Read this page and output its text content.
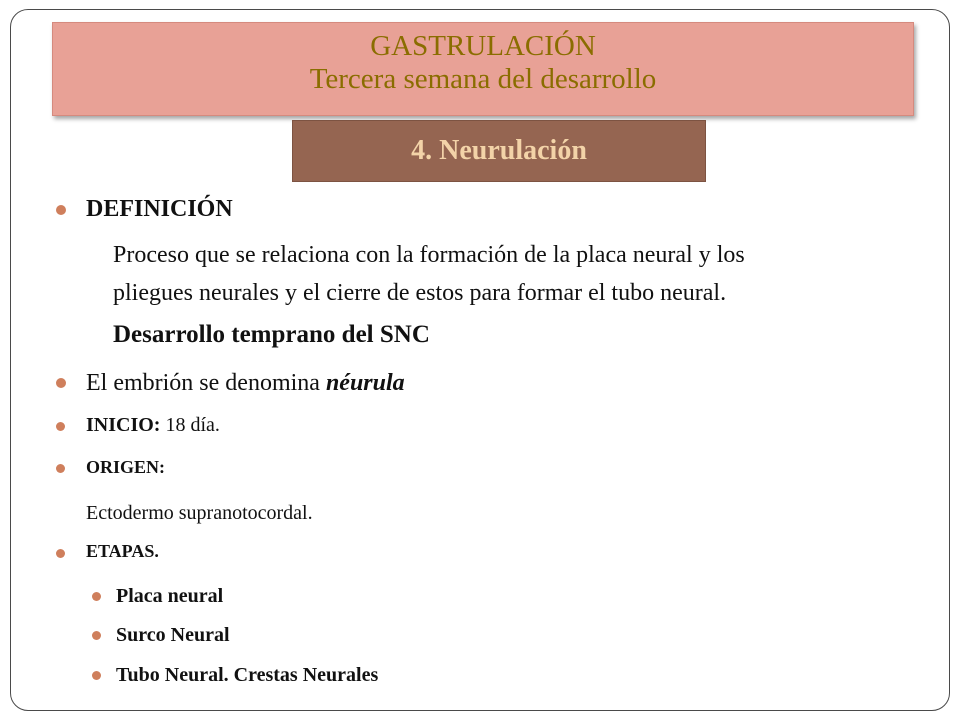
GASTRULACIÓN
Tercera semana del desarrollo
4. Neurulación
DEFINICIÓN
Proceso que se relaciona con la formación de la placa neural y los
pliegues neurales y el cierre de estos para formar el tubo neural.
Desarrollo temprano del SNC
El embrión se denomina néurula
INICIO: 18 día.
ORIGEN:
Ectodermo supranotocordal.
ETAPAS.
Placa neural
Surco Neural
Tubo Neural. Crestas Neurales
